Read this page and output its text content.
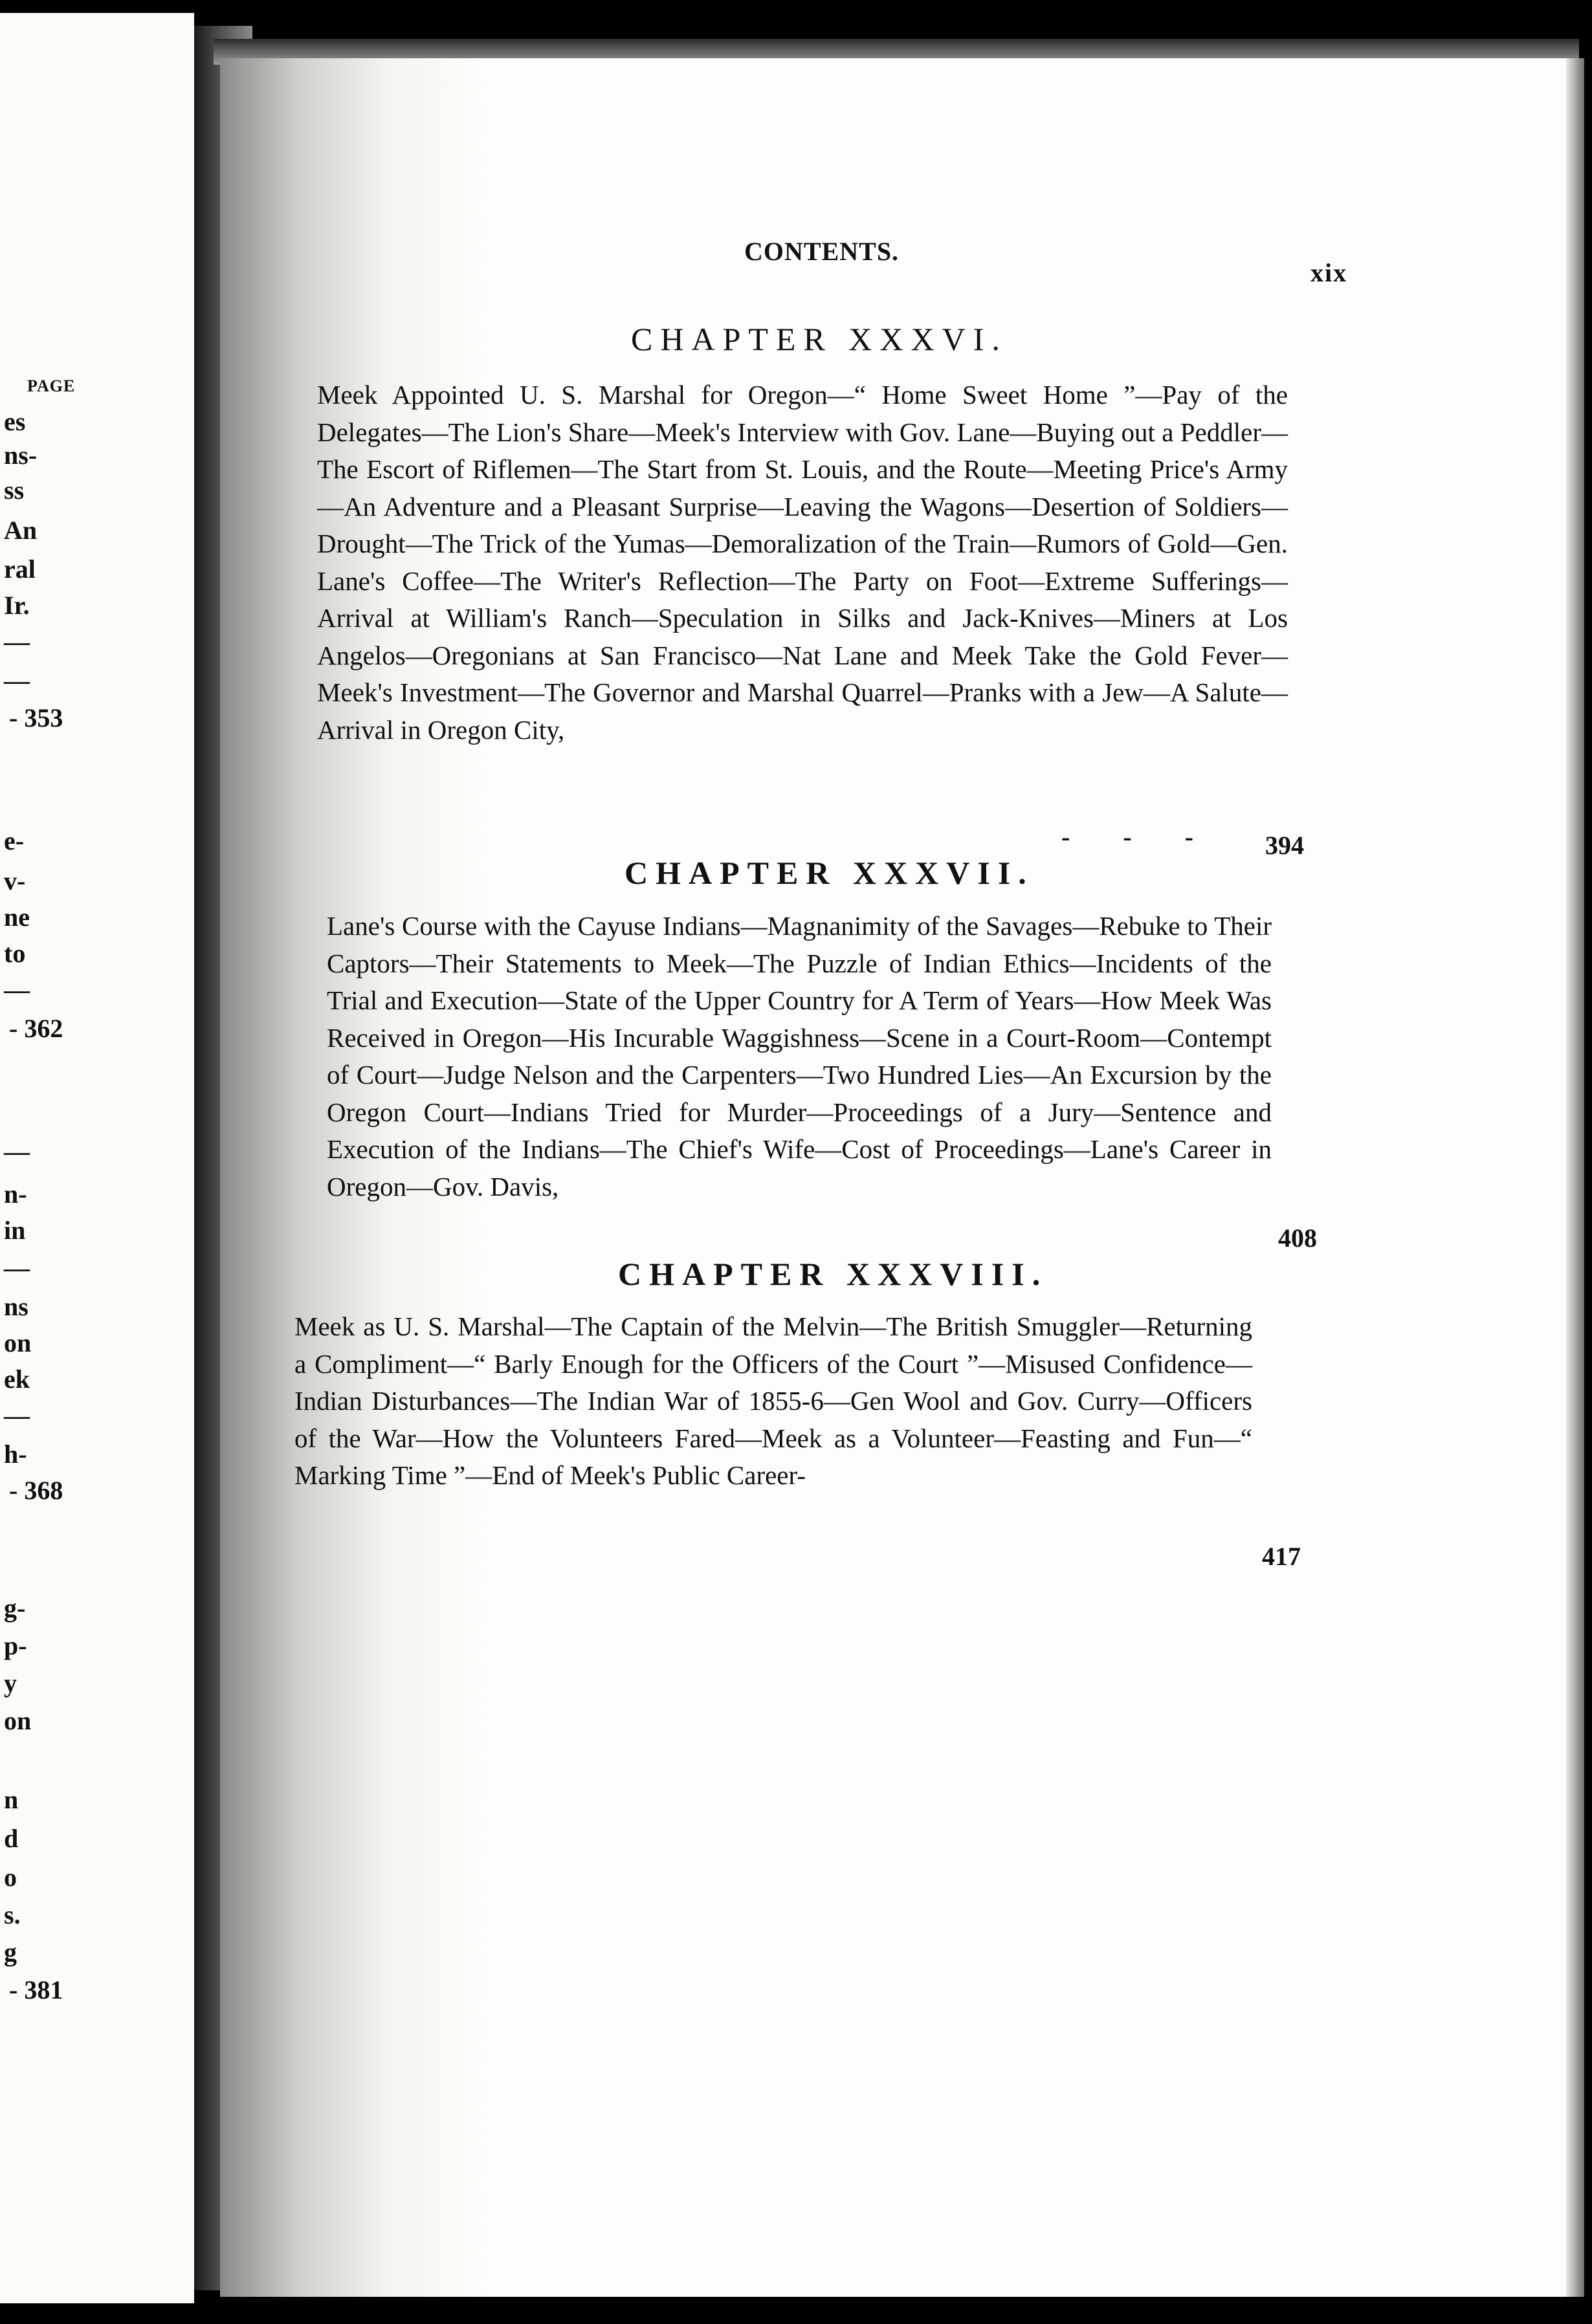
PAGE
es
ns-
ss
An
ral
Ir.
—
—
- 353
e-
v-
ne
to
—
- 362
—
n-
in
—
ns
on
ek
—
h-
- 368
g-
p-
y
on
n
d
o
s.
g
- 381
CONTENTS.
xix
CHAPTER XXXVI.
Meek Appointed U. S. Marshal for Oregon—“ Home Sweet Home ”—Pay of the Delegates—The Lion's Share—Meek's Interview with Gov. Lane—Buying out a Peddler—The Escort of Riflemen—The Start from St. Louis, and the Route—Meeting Price's Army—An Adventure and a Pleasant Surprise—Leaving the Wagons—Desertion of Soldiers—Drought—The Trick of the Yumas—Demoralization of the Train—Rumors of Gold—Gen. Lane's Coffee—The Writer's Reflection—The Party on Foot—Extreme Sufferings—Arrival at William's Ranch—Speculation in Silks and Jack-Knives—Miners at Los Angelos—Oregonians at San Francisco—Nat Lane and Meek Take the Gold Fever—Meek's Investment—The Governor and Marshal Quarrel—Pranks with a Jew—A Salute—Arrival in Oregon City,
- - - 394
CHAPTER XXXVII.
Lane's Course with the Cayuse Indians—Magnanimity of the Savages—Rebuke to Their Captors—Their Statements to Meek—The Puzzle of Indian Ethics—Incidents of the Trial and Execution—State of the Upper Country for A Term of Years—How Meek Was Received in Oregon—His Incurable Waggishness—Scene in a Court-Room—Contempt of Court—Judge Nelson and the Carpenters—Two Hundred Lies—An Excursion by the Oregon Court—Indians Tried for Murder—Proceedings of a Jury—Sentence and Execution of the Indians—The Chief's Wife—Cost of Proceedings—Lane's Career in Oregon—Gov. Davis,
408
CHAPTER XXXVIII.
Meek as U. S. Marshal—The Captain of the Melvin—The British Smuggler—Returning a Compliment—“ Barly Enough for the Officers of the Court ”—Misused Confidence—Indian Disturbances—The Indian War of 1855-6—Gen Wool and Gov. Curry—Officers of the War—How the Volunteers Fared—Meek as a Volunteer—Feasting and Fun—“ Marking Time ”—End of Meek's Public Career-
417
